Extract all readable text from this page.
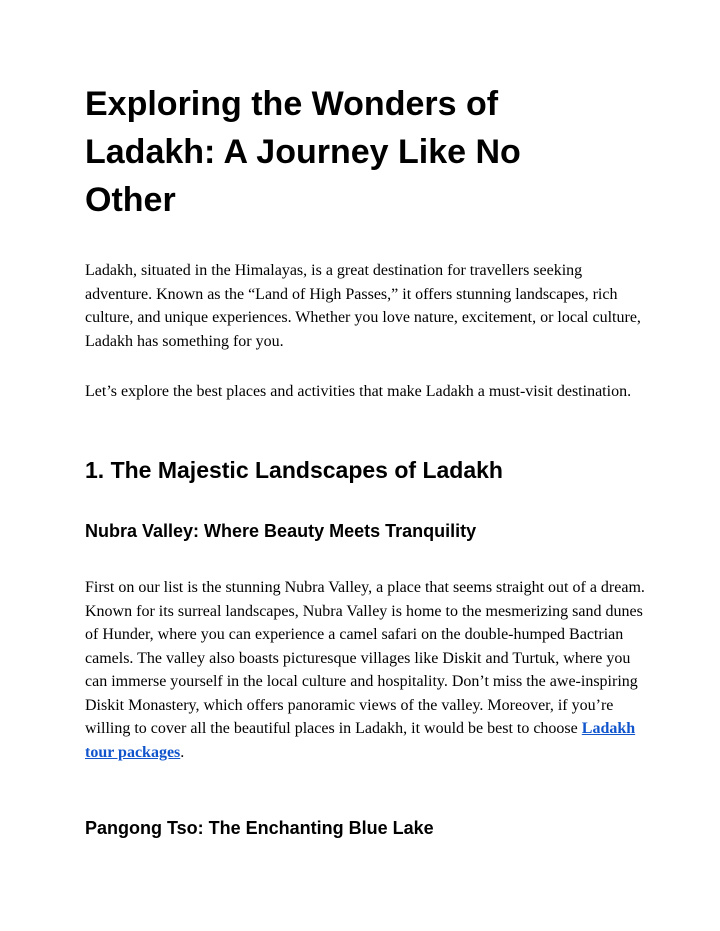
Exploring the Wonders of Ladakh: A Journey Like No Other

Ladakh, situated in the Himalayas, is a great destination for travellers seeking adventure. Known as the “Land of High Passes,” it offers stunning landscapes, rich culture, and unique experiences. Whether you love nature, excitement, or local culture, Ladakh has something for you.

Let’s explore the best places and activities that make Ladakh a must-visit destination.

1. The Majestic Landscapes of Ladakh
Nubra Valley: Where Beauty Meets Tranquility

First on our list is the stunning Nubra Valley, a place that seems straight out of a dream. Known for its surreal landscapes, Nubra Valley is home to the mesmerizing sand dunes of Hunder, where you can experience a camel safari on the double-humped Bactrian camels. The valley also boasts picturesque villages like Diskit and Turtuk, where you can immerse yourself in the local culture and hospitality. Don’t miss the awe-inspiring Diskit Monastery, which offers panoramic views of the valley. Moreover, if you’re willing to cover all the beautiful places in Ladakh, it would be best to choose Ladakh tour packages.

Pangong Tso: The Enchanting Blue Lake
